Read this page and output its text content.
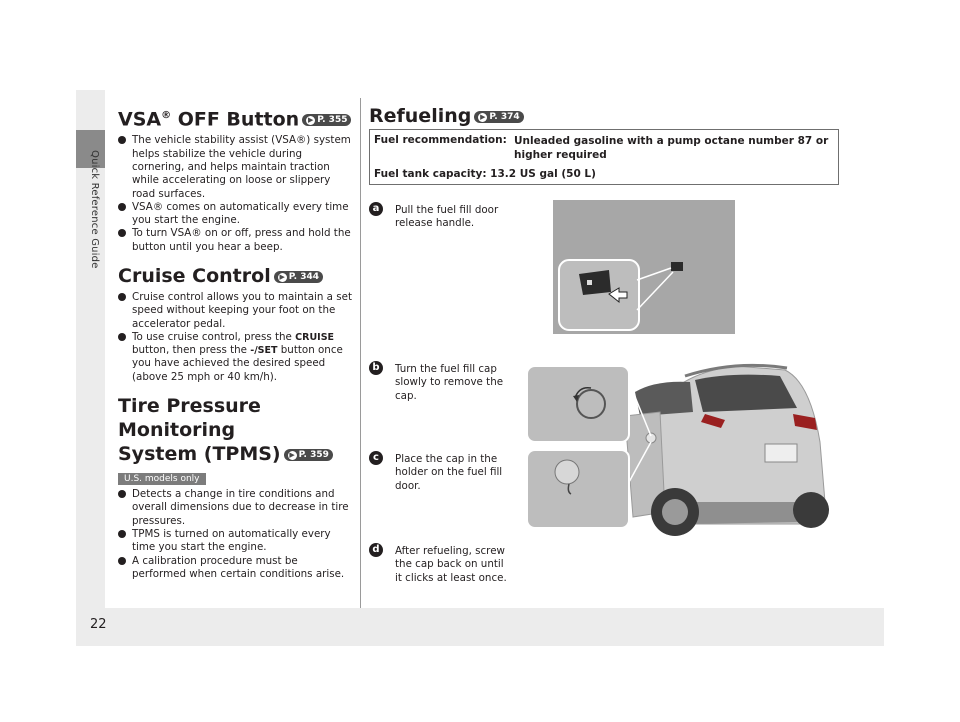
Quick Reference Guide
22
VSA® OFF Button ▶ P. 355
The vehicle stability assist (VSA®) system helps stabilize the vehicle during cornering, and helps maintain traction while accelerating on loose or slippery road surfaces.
VSA® comes on automatically every time you start the engine.
To turn VSA® on or off, press and hold the button until you hear a beep.
Cruise Control ▶ P. 344
Cruise control allows you to maintain a set speed without keeping your foot on the accelerator pedal.
To use cruise control, press the CRUISE button, then press the -/SET button once you have achieved the desired speed (above 25 mph or 40 km/h).
Tire Pressure Monitoring
System (TPMS) ▶ P. 359
U.S. models only
Detects a change in tire conditions and overall dimensions due to decrease in tire pressures.
TPMS is turned on automatically every time you start the engine.
A calibration procedure must be performed when certain conditions arise.
Refueling ▶ P. 374
Fuel recommendation: Unleaded gasoline with a pump octane number 87 or higher required
Fuel tank capacity: 13.2 US gal (50 L)
a	Pull the fuel fill door release handle.
b	Turn the fuel fill cap slowly to remove the cap.
c	Place the cap in the holder on the fuel fill door.
d	After refueling, screw the cap back on until it clicks at least once.
